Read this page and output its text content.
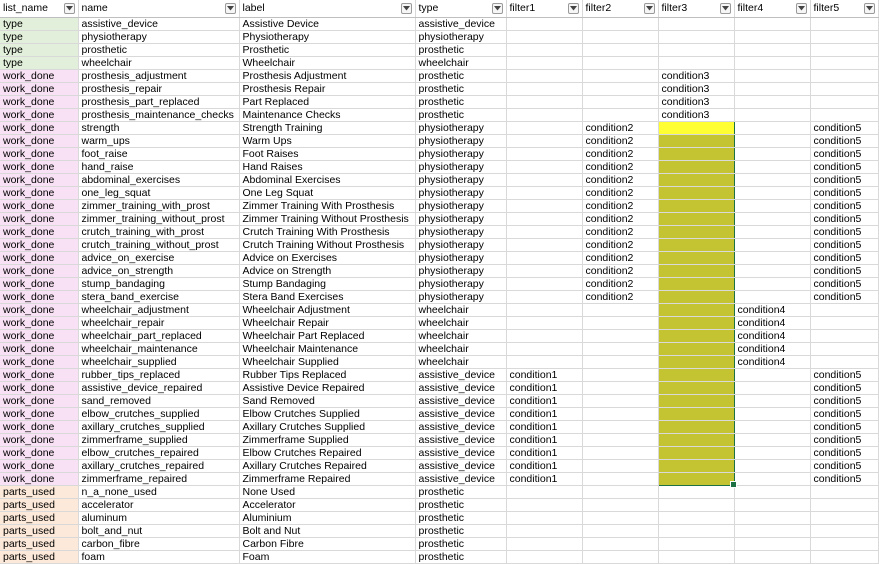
list_name	name	label	type	filter1	filter2	filter3	filter4	filter5

type	assistive_device	Assistive Device	assistive_device					
type	physiotherapy	Physiotherapy	physiotherapy					
type	prosthetic	Prosthetic	prosthetic					
type	wheelchair	Wheelchair	wheelchair					
work_done	prosthesis_adjustment	Prosthesis Adjustment	prosthetic			condition3		
work_done	prosthesis_repair	Prosthesis Repair	prosthetic			condition3		
work_done	prosthesis_part_replaced	Part Replaced	prosthetic			condition3		
work_done	prosthesis_maintenance_checks	Maintenance Checks	prosthetic			condition3		
work_done	strength	Strength Training	physiotherapy		condition2			condition5
work_done	warm_ups	Warm Ups	physiotherapy		condition2			condition5
work_done	foot_raise	Foot Raises	physiotherapy		condition2			condition5
work_done	hand_raise	Hand Raises	physiotherapy		condition2			condition5
work_done	abdominal_exercises	Abdominal Exercises	physiotherapy		condition2			condition5
work_done	one_leg_squat	One Leg Squat	physiotherapy		condition2			condition5
work_done	zimmer_training_with_prost	Zimmer Training With Prosthesis	physiotherapy		condition2			condition5
work_done	zimmer_training_without_prost	Zimmer Training Without Prosthesis	physiotherapy		condition2			condition5
work_done	crutch_training_with_prost	Crutch Training With Prosthesis	physiotherapy		condition2			condition5
work_done	crutch_training_without_prost	Crutch Training Without Prosthesis	physiotherapy		condition2			condition5
work_done	advice_on_exercise	Advice on Exercises	physiotherapy		condition2			condition5
work_done	advice_on_strength	Advice on Strength	physiotherapy		condition2			condition5
work_done	stump_bandaging	Stump Bandaging	physiotherapy		condition2			condition5
work_done	stera_band_exercise	Stera Band Exercises	physiotherapy		condition2			condition5
work_done	wheelchair_adjustment	Wheelchair Adjustment	wheelchair				condition4	
work_done	wheelchair_repair	Wheelchair Repair	wheelchair				condition4	
work_done	wheelchair_part_replaced	Wheelchair Part Replaced	wheelchair				condition4	
work_done	wheelchair_maintenance	Wheelchair Maintenance	wheelchair				condition4	
work_done	wheelchair_supplied	Wheelchair Supplied	wheelchair				condition4	
work_done	rubber_tips_replaced	Rubber Tips Replaced	assistive_device	condition1				condition5
work_done	assistive_device_repaired	Assistive Device Repaired	assistive_device	condition1				condition5
work_done	sand_removed	Sand Removed	assistive_device	condition1				condition5
work_done	elbow_crutches_supplied	Elbow Crutches Supplied	assistive_device	condition1				condition5
work_done	axillary_crutches_supplied	Axillary Crutches Supplied	assistive_device	condition1				condition5
work_done	zimmerframe_supplied	Zimmerframe Supplied	assistive_device	condition1				condition5
work_done	elbow_crutches_repaired	Elbow Crutches Repaired	assistive_device	condition1				condition5
work_done	axillary_crutches_repaired	Axillary Crutches Repaired	assistive_device	condition1				condition5
work_done	zimmerframe_repaired	Zimmerframe Repaired	assistive_device	condition1				condition5
parts_used	n_a_none_used	None Used	prosthetic					
parts_used	accelerator	Accelerator	prosthetic					
parts_used	aluminum	Aluminium	prosthetic					
parts_used	bolt_and_nut	Bolt and Nut	prosthetic					
parts_used	carbon_fibre	Carbon Fibre	prosthetic					
parts_used	foam	Foam	prosthetic					
